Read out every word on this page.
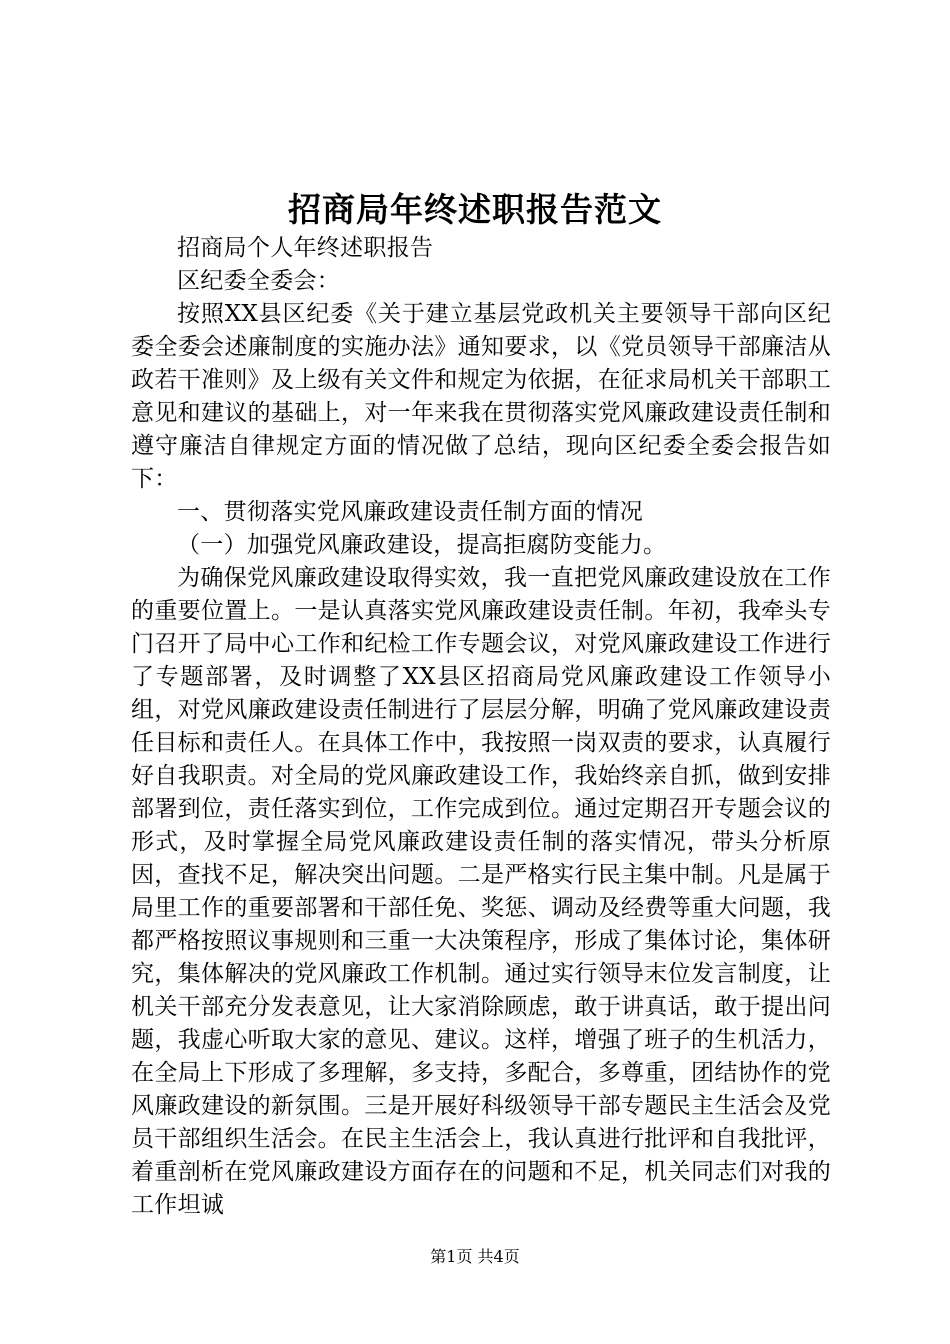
招商局年终述职报告范文

招商局个人年终述职报告

区纪委全委会：

按照XX县区纪委《关于建立基层党政机关主要领导干部向区纪委全委会述廉制度的实施办法》通知要求，以《党员领导干部廉洁从政若干准则》及上级有关文件和规定为依据，在征求局机关干部职工意见和建议的基础上，对一年来我在贯彻落实党风廉政建设责任制和遵守廉洁自律规定方面的情况做了总结，现向区纪委全委会报告如下：

一、贯彻落实党风廉政建设责任制方面的情况

（一）加强党风廉政建设，提高拒腐防变能力。

为确保党风廉政建设取得实效，我一直把党风廉政建设放在工作的重要位置上。一是认真落实党风廉政建设责任制。年初，我牵头专门召开了局中心工作和纪检工作专题会议，对党风廉政建设工作进行了专题部署，及时调整了XX县区招商局党风廉政建设工作领导小组，对党风廉政建设责任制进行了层层分解，明确了党风廉政建设责任目标和责任人。在具体工作中，我按照一岗双责的要求，认真履行好自我职责。对全局的党风廉政建设工作，我始终亲自抓，做到安排部署到位，责任落实到位，工作完成到位。通过定期召开专题会议的形式，及时掌握全局党风廉政建设责任制的落实情况，带头分析原因，查找不足，解决突出问题。二是严格实行民主集中制。凡是属于局里工作的重要部署和干部任免、奖惩、调动及经费等重大问题，我都严格按照议事规则和三重一大决策程序，形成了集体讨论，集体研究，集体解决的党风廉政工作机制。通过实行领导末位发言制度，让机关干部充分发表意见，让大家消除顾虑，敢于讲真话，敢于提出问题，我虚心听取大家的意见、建议。这样，增强了班子的生机活力，在全局上下形成了多理解，多支持，多配合，多尊重，团结协作的党风廉政建设的新氛围。三是开展好科级领导干部专题民主生活会及党员干部组织生活会。在民主生活会上，我认真进行批评和自我批评，着重剖析在党风廉政建设方面存在的问题和不足，机关同志们对我的工作坦诚

第1页 共4页
